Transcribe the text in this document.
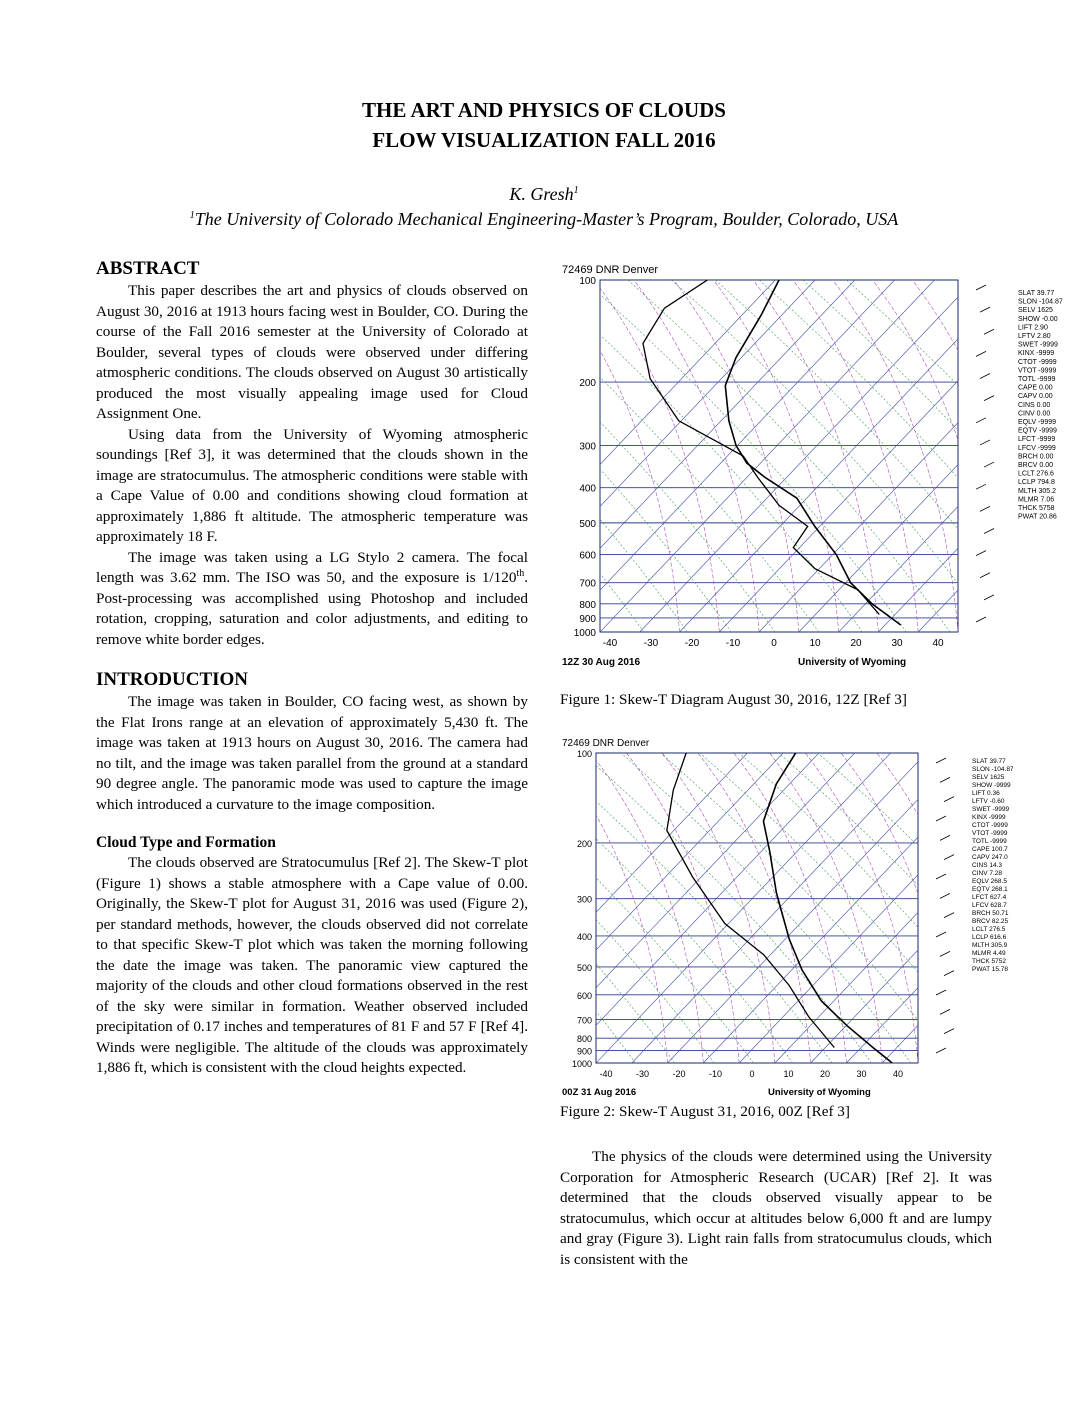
THE ART AND PHYSICS OF CLOUDS
FLOW VISUALIZATION FALL 2016
K. Gresh$^1$
$^1$The University of Colorado Mechanical Engineering-Master’s Program, Boulder, Colorado, USA
ABSTRACT

This paper describes the art and physics of clouds observed on August 30, 2016 at 1913 hours facing west in Boulder, CO. During the course of the Fall 2016 semester at the University of Colorado at Boulder, several types of clouds were observed under differing atmospheric conditions. The clouds observed on August 30 artistically produced the most visually appealing image used for Cloud Assignment One.

Using data from the University of Wyoming atmospheric soundings [Ref 3], it was determined that the clouds shown in the image are stratocumulus. The atmospheric conditions were stable with a Cape Value of 0.00 and conditions showing cloud formation at approximately 1,886 ft altitude. The atmospheric temperature was approximately 18 F.

The image was taken using a LG Stylo 2 camera. The focal length was 3.62 mm. The ISO was 50, and the exposure is 1/120th. Post-processing was accomplished using Photoshop and included rotation, cropping, saturation and color adjustments, and editing to remove white border edges.

INTRODUCTION

The image was taken in Boulder, CO facing west, as shown by the Flat Irons range at an elevation of approximately 5,430 ft. The image was taken at 1913 hours on August 30, 2016. The camera had no tilt, and the image was taken parallel from the ground at a standard 90 degree angle. The panoramic mode was used to capture the image which introduced a curvature to the image composition.

Cloud Type and Formation

The clouds observed are Stratocumulus [Ref 2]. The Skew-T plot (Figure 1) shows a stable atmosphere with a Cape value of 0.00. Originally, the Skew-T plot for August 31, 2016 was used (Figure 2), per standard methods, however, the clouds observed did not correlate to that specific Skew-T plot which was taken the morning following the date the image was taken. The panoramic view captured the majority of the clouds and other cloud formations observed in the rest of the sky were similar in formation. Weather observed included precipitation of 0.17 inches and temperatures of 81 F and 57 F [Ref 4]. Winds were negligible. The altitude of the clouds was approximately 1,886 ft, which is consistent with the cloud heights expected.

72469 DNR Denver
100
200
300
400
500
600
700
800
900
1000
-40	-30	-20	-10	0	10	20	30	40
SLAT 39.77
SLON -104.87
SELV 1625
SHOW -0.00
LIFT 2.90
LFTV 2.80
SWET -9999
KINX -9999
CTOT -9999
VTOT -9999
TOTL -9999
CAPE 0.00
CAPV 0.00
CINS 0.00
CINV 0.00
EQLV -9999
EQTV -9999
LFCT -9999
LFCV -9999
BRCH 0.00
BRCV 0.00
LCLT 276.6
LCLP 794.8
MLTH 305.2
MLMR 7.06
THCK 5758
PWAT 20.86
12Z 30 Aug 2016	University of Wyoming
Figure 1: Skew-T Diagram August 30, 2016, 12Z [Ref 3]
72469 DNR Denver
100
200
300
400
500
600
700
800
900
1000
-40	-30	-20	-10	0	10	20	30	40
SLAT 39.77
SLON -104.87
SELV 1625
SHOW -9999
LIFT 0.36
LFTV -0.60
SWET -9999
KINX -9999
CTOT -9999
VTOT -9999
TOTL -9999
CAPE 100.7
CAPV 247.0
CINS 14.3
CINV 7.28
EQLV 268.5
EQTV 268.1
LFCT 627.4
LFCV 628.7
BRCH 50.71
BRCV 82.25
LCLT 276.5
LCLP 616.6
MLTH 305.9
MLMR 4.49
THCK 5752
PWAT 15.78
00Z 31 Aug 2016	University of Wyoming
Figure 2: Skew-T August 31, 2016, 00Z [Ref 3]

The physics of the clouds were determined using the University Corporation for Atmospheric Research (UCAR) [Ref 2]. It was determined that the clouds observed visually appear to be stratocumulus, which occur at altitudes below 6,000 ft and are lumpy and gray (Figure 3). Light rain falls from stratocumulus clouds, which is consistent with the
